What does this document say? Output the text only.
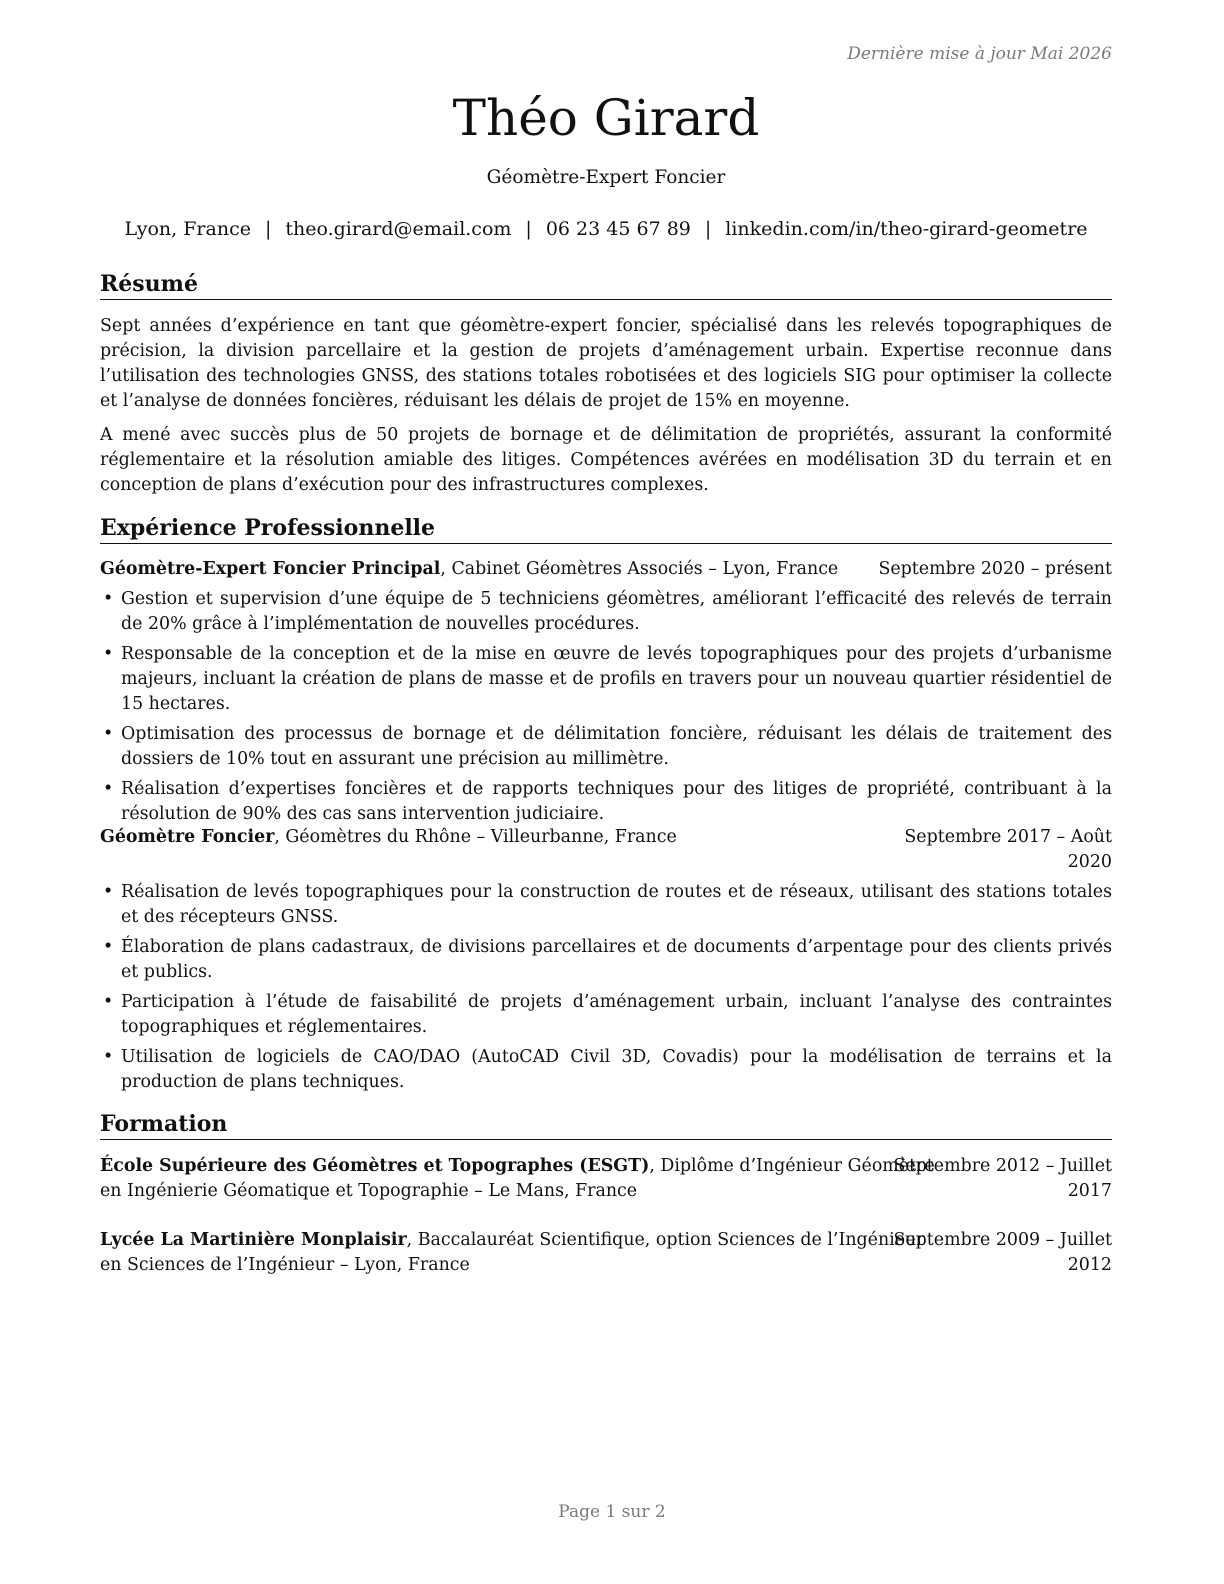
Dernière mise à jour Mai 2026
Théo Girard
Géomètre-Expert Foncier
Lyon, France | theo.girard@email.com | 06 23 45 67 89 | linkedin.com/in/theo-girard-geometre
Résumé

Sept années d’expérience en tant que géomètre-expert foncier, spécialisé dans les relevés topographiques de précision, la division parcellaire et la gestion de projets d’aménagement urbain. Expertise reconnue dans l’utilisation des technologies GNSS, des stations totales robotisées et des logiciels SIG pour optimiser la collecte et l’analyse de données foncières, réduisant les délais de projet de 15% en moyenne.

A mené avec succès plus de 50 projets de bornage et de délimitation de propriétés, assurant la conformité réglementaire et la résolution amiable des litiges. Compétences avérées en modélisation 3D du terrain et en conception de plans d’exécution pour des infrastructures complexes.

Expérience Professionnelle
Géomètre-Expert Foncier Principal, Cabinet Géomètres Associés – Lyon, France Septembre 2020 – présent
• Gestion et supervision d’une équipe de 5 techniciens géomètres, améliorant l’efficacité des relevés de terrain de 20% grâce à l’implémentation de nouvelles procédures.
• Responsable de la conception et de la mise en œuvre de levés topographiques pour des projets d’urbanisme majeurs, incluant la création de plans de masse et de profils en travers pour un nouveau quartier résidentiel de 15 hectares.
• Optimisation des processus de bornage et de délimitation foncière, réduisant les délais de traitement des dossiers de 10% tout en assurant une précision au millimètre.
• Réalisation d’expertises foncières et de rapports techniques pour des litiges de propriété, contribuant à la résolution de 90% des cas sans intervention judiciaire.
Géomètre Foncier, Géomètres du Rhône – Villeurbanne, France	Septembre 2017 – Août
2020
• Réalisation de levés topographiques pour la construction de routes et de réseaux, utilisant des stations totales et des récepteurs GNSS.
• Élaboration de plans cadastraux, de divisions parcellaires et de documents d’arpentage pour des clients privés et publics.
• Participation à l’étude de faisabilité de projets d’aménagement urbain, incluant l’analyse des contraintes topographiques et réglementaires.
• Utilisation de logiciels de CAO/DAO (AutoCAD Civil 3D, Covadis) pour la modélisation de terrains et la production de plans techniques.
Formation
École Supérieure des Géomètres et Topographes (ESGT), Diplôme d’Ingénieur Géomètre
en Ingénierie Géomatique et Topographie – Le Mans, France
Septembre 2012 – Juillet
2017
Lycée La Martinière Monplaisir, Baccalauréat Scientifique, option Sciences de l’Ingénieur
en Sciences de l’Ingénieur – Lyon, France
Septembre 2009 – Juillet
2012
Page 1 sur 2
